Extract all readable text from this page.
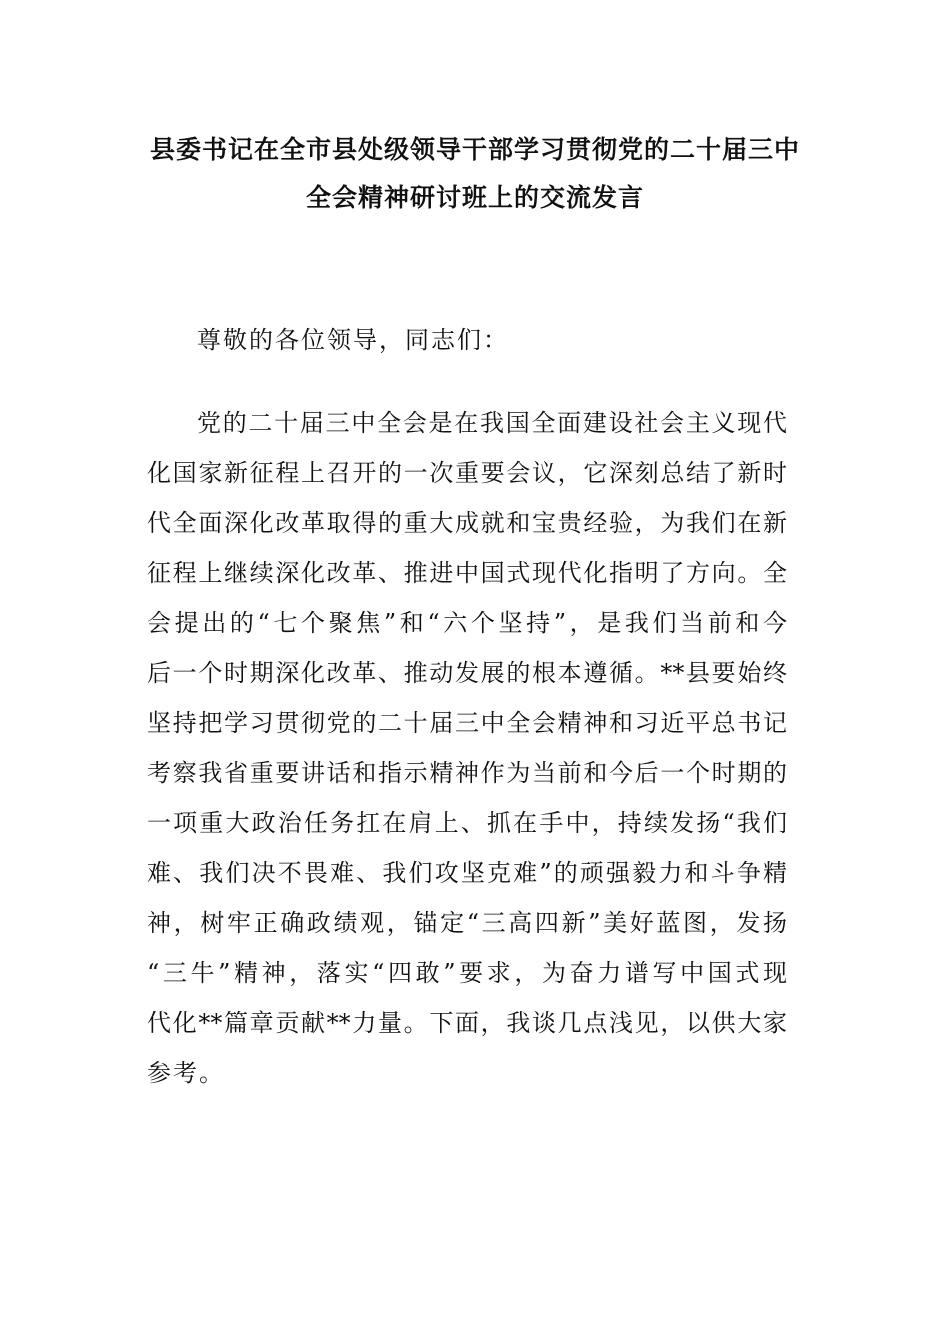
县委书记在全市县处级领导干部学习贯彻党的二十届三中
全会精神研讨班上的交流发言

尊敬的各位领导，同志们：

党的二十届三中全会是在我国全面建设社会主义现代
化国家新征程上召开的一次重要会议，它深刻总结了新时
代全面深化改革取得的重大成就和宝贵经验，为我们在新
征程上继续深化改革、推进中国式现代化指明了方向。全
会提出的“七个聚焦”和“六个坚持”，是我们当前和今
后一个时期深化改革、推动发展的根本遵循。**县要始终
坚持把学习贯彻党的二十届三中全会精神和习近平总书记
考察我省重要讲话和指示精神作为当前和今后一个时期的
一项重大政治任务扛在肩上、抓在手中，持续发扬“我们
难、我们决不畏难、我们攻坚克难”的顽强毅力和斗争精
神，树牢正确政绩观，锚定“三高四新”美好蓝图，发扬
“三牛”精神，落实“四敢”要求，为奋力谱写中国式现
代化**篇章贡献**力量。下面，我谈几点浅见，以供大家
参考。
